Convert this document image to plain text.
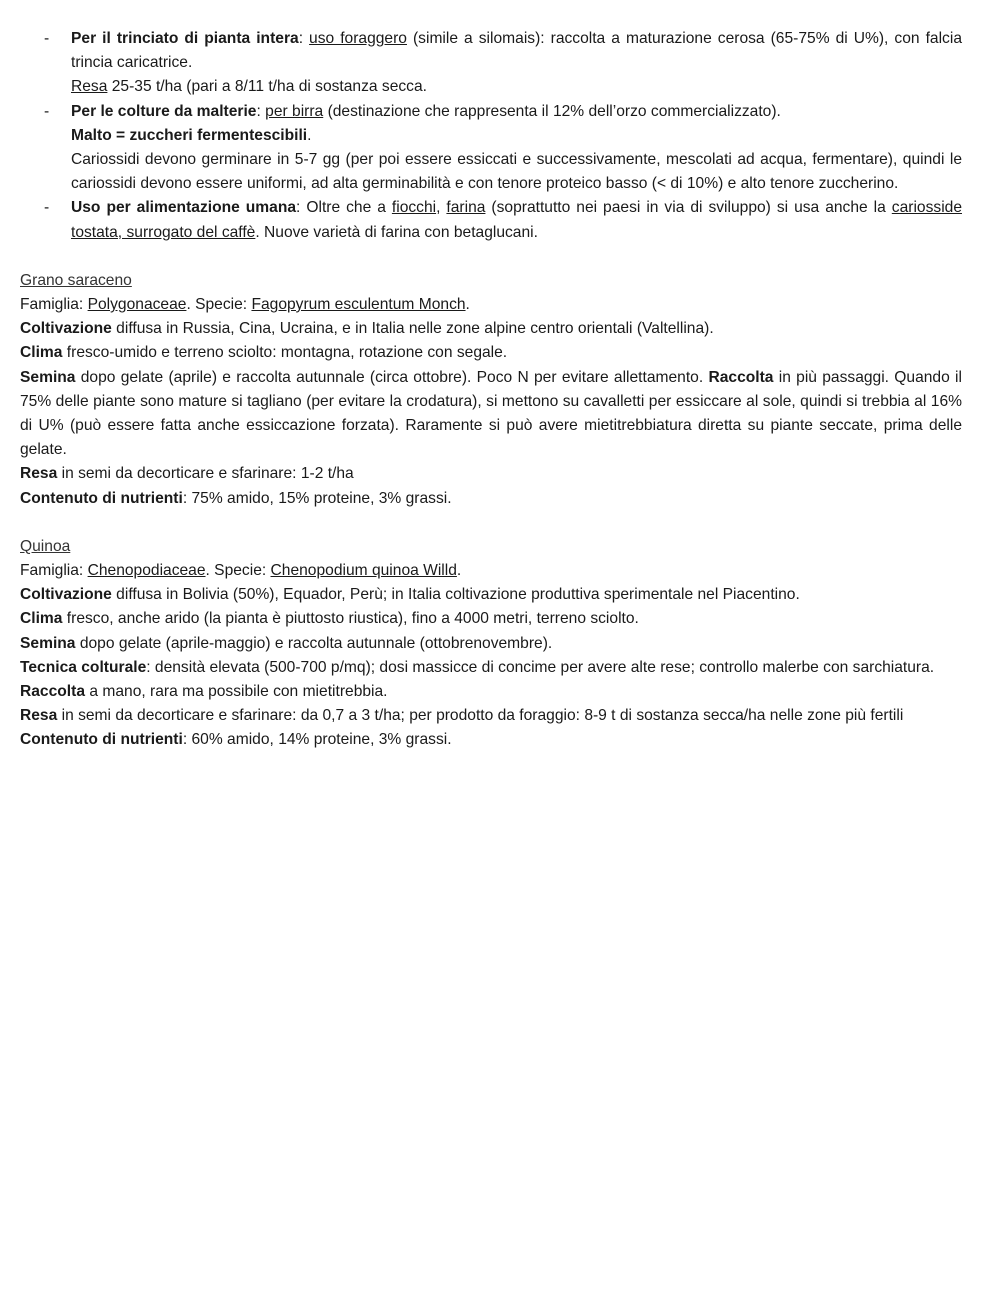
- Per il trinciato di pianta intera: uso foraggero (simile a silomais): raccolta a maturazione cerosa (65-75% di U%), con falcia trincia caricatrice.

Resa 25-35 t/ha (pari a 8/11 t/ha di sostanza secca.

- Per le colture da malterie: per birra (destinazione che rappresenta il 12% dell’orzo commercializzato).

Malto = zuccheri fermentescibili.

Cariossidi devono germinare in 5-7 gg (per poi essere essiccati e successivamente, mescolati ad acqua, fermentare), quindi le cariossidi devono essere uniformi, ad alta germinabilità e con tenore proteico basso (< di 10%) e alto tenore zuccherino.

- Uso per alimentazione umana: Oltre che a fiocchi, farina (soprattutto nei paesi in via di sviluppo) si usa anche la cariosside tostata, surrogato del caffè. Nuove varietà di farina con betaglucani.

Grano saraceno

Famiglia: Polygonaceae. Specie: Fagopyrum esculentum Monch.

Coltivazione diffusa in Russia, Cina, Ucraina, e in Italia nelle zone alpine centro orientali (Valtellina).

Clima fresco-umido e terreno sciolto: montagna, rotazione con segale.

Semina dopo gelate (aprile) e raccolta autunnale (circa ottobre). Poco N per evitare allettamento. Raccolta in più passaggi. Quando il 75% delle piante sono mature si tagliano (per evitare la crodatura), si mettono su cavalletti per essiccare al sole, quindi si trebbia al 16% di U% (può essere fatta anche essiccazione forzata). Raramente si può avere mietitrebbiatura diretta su piante seccate, prima delle gelate.

Resa in semi da decorticare e sfarinare: 1-2 t/ha

Contenuto di nutrienti: 75% amido, 15% proteine, 3% grassi.

Quinoa

Famiglia: Chenopodiaceae. Specie: Chenopodium quinoa Willd.

Coltivazione diffusa in Bolivia (50%), Equador, Perù; in Italia coltivazione produttiva sperimentale nel Piacentino.

Clima fresco, anche arido (la pianta è piuttosto riustica), fino a 4000 metri, terreno sciolto.

Semina dopo gelate (aprile-maggio) e raccolta autunnale (ottobrenovembre).

Tecnica colturale: densità elevata (500-700 p/mq); dosi massicce di concime per avere alte rese; controllo malerbe con sarchiatura.

Raccolta a mano, rara ma possibile con mietitrebbia.

Resa in semi da decorticare e sfarinare: da 0,7 a 3 t/ha; per prodotto da foraggio: 8-9 t di sostanza secca/ha nelle zone più fertili

Contenuto di nutrienti: 60% amido, 14% proteine, 3% grassi.
